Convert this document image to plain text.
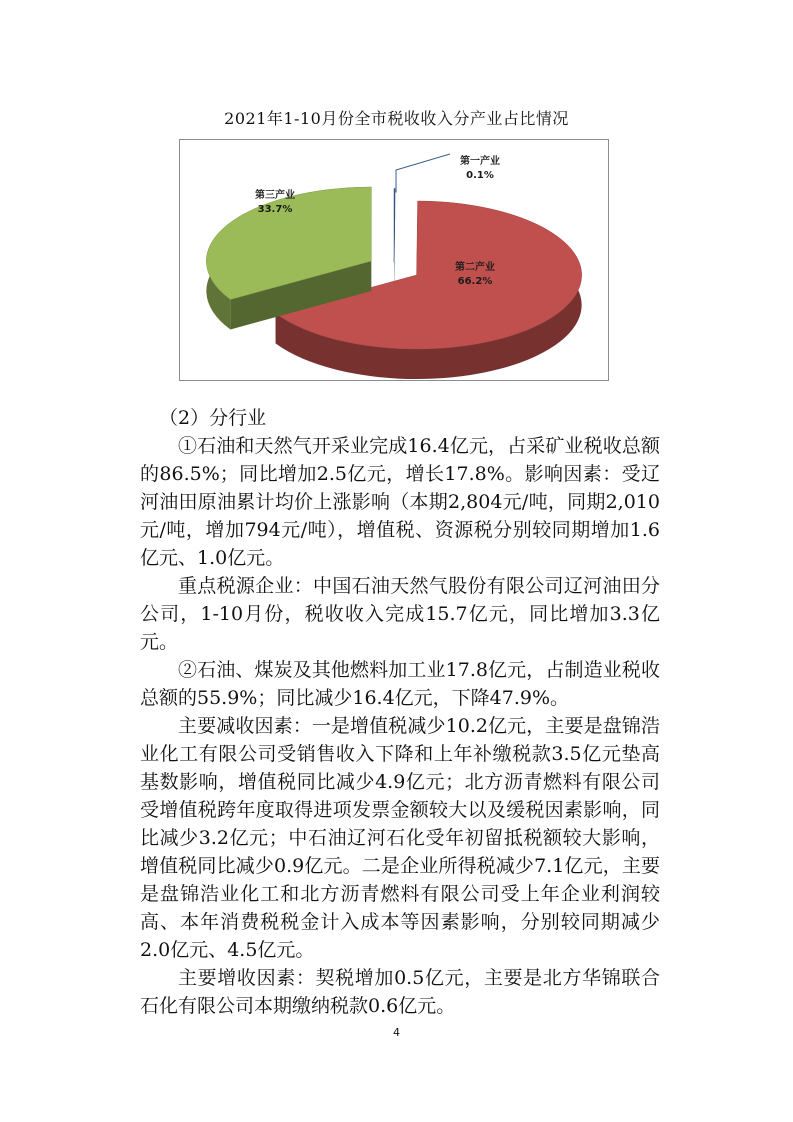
2021年1-10月份全市税收收入分产业占比情况
第一产业
0.1%
第二产业
66.2%
第三产业
33.7%

（2）分行业

①石油和天然气开采业完成16.4亿元，占采矿业税收总额的86.5%；同比增加2.5亿元，增长17.8%。影响因素：受辽河油田原油累计均价上涨影响（本期2,804元/吨，同期2,010元/吨，增加794元/吨），增值税、资源税分别较同期增加1.6亿元、1.0亿元。

重点税源企业：中国石油天然气股份有限公司辽河油田分公司，1-10月份，税收收入完成15.7亿元，同比增加3.3亿元。

②石油、煤炭及其他燃料加工业17.8亿元，占制造业税收总额的55.9%；同比减少16.4亿元，下降47.9%。

主要减收因素：一是增值税减少10.2亿元，主要是盘锦浩业化工有限公司受销售收入下降和上年补缴税款3.5亿元垫高基数影响，增值税同比减少4.9亿元；北方沥青燃料有限公司受增值税跨年度取得进项发票金额较大以及缓税因素影响，同比减少3.2亿元；中石油辽河石化受年初留抵税额较大影响，增值税同比减少0.9亿元。二是企业所得税减少7.1亿元，主要是盘锦浩业化工和北方沥青燃料有限公司受上年企业利润较高、本年消费税税金计入成本等因素影响，分别较同期减少2.0亿元、4.5亿元。

主要增收因素：契税增加0.5亿元，主要是北方华锦联合石化有限公司本期缴纳税款0.6亿元。

4
